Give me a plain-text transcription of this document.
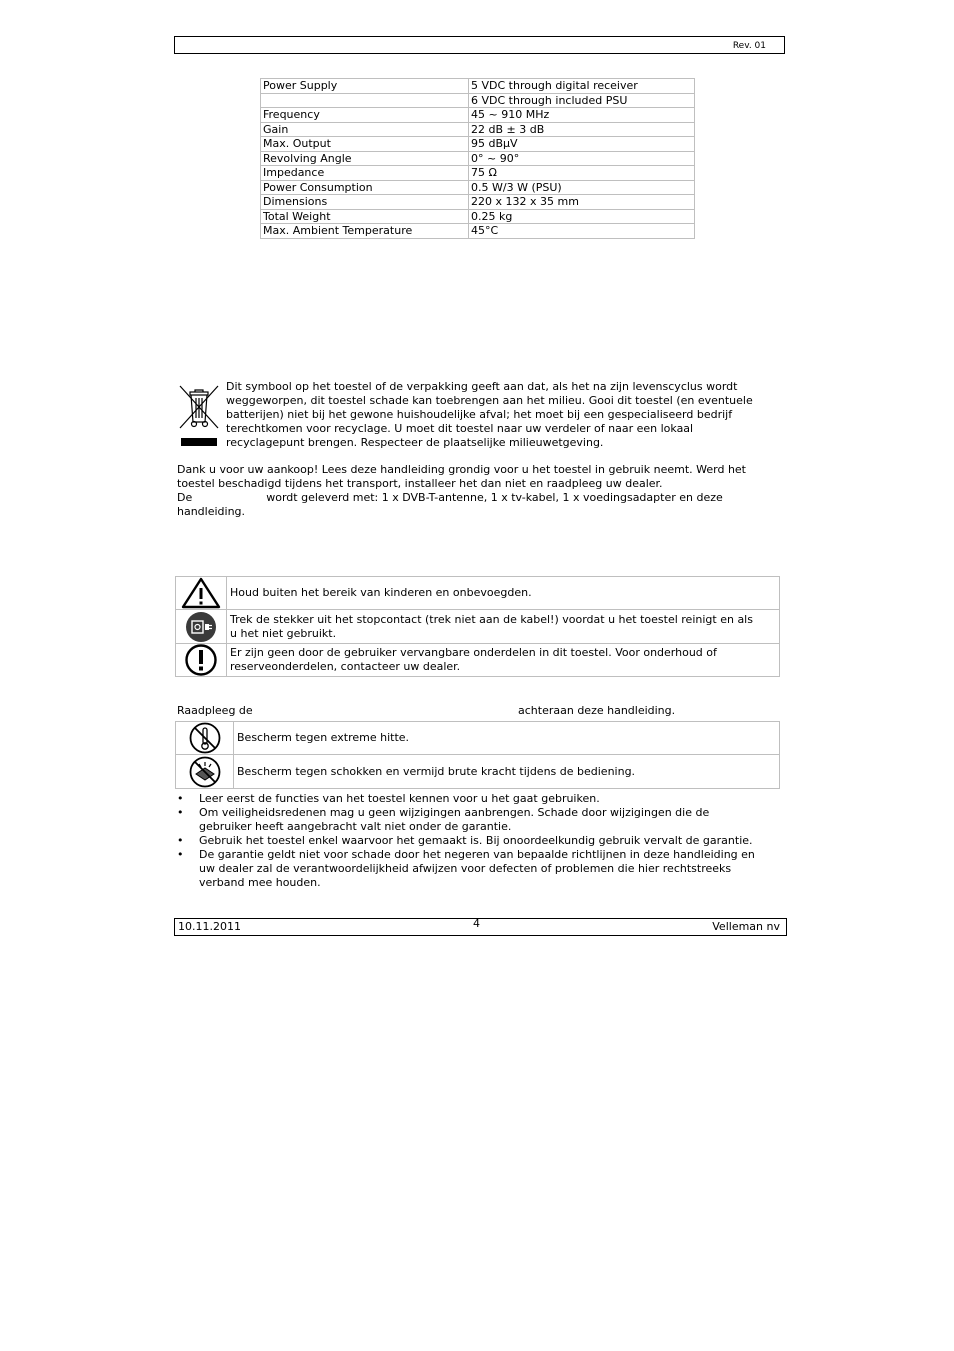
Rev. 01
Power Supply	5 VDC through digital receiver
	6 VDC through included PSU
Frequency	45 ~ 910 MHz
Gain	22 dB ± 3 dB
Max. Output	95 dBµV
Revolving Angle	0° ~ 90°
Impedance	75 Ω
Power Consumption	0.5 W/3 W (PSU)
Dimensions	220 x 132 x 35 mm
Total Weight	0.25 kg
Max. Ambient Temperature	45°C
Dit symbool op het toestel of de verpakking geeft aan dat, als het na zijn levenscyclus wordt
weggeworpen, dit toestel schade kan toebrengen aan het milieu. Gooi dit toestel (en eventuele
batterijen) niet bij het gewone huishoudelijke afval; het moet bij een gespecialiseerd bedrijf
terechtkomen voor recyclage. U moet dit toestel naar uw verdeler of naar een lokaal
recyclagepunt brengen. Respecteer de plaatselijke milieuwetgeving.
Dank u voor uw aankoop! Lees deze handleiding grondig voor u het toestel in gebruik neemt. Werd het
toestel beschadigd tijdens het transport, installeer het dan niet en raadpleeg uw dealer.
De	wordt geleverd met: 1 x DVB-T-antenne, 1 x tv-kabel, 1 x voedingsadapter en deze
handleiding.
	Houd buiten het bereik van kinderen en onbevoegden.

Trek de stekker uit het stopcontact (trek niet aan de kabel!) voordat u het toestel reinigt en als
u het niet gebruikt.

Er zijn geen door de gebruiker vervangbare onderdelen in dit toestel. Voor onderhoud of
reserveonderdelen, contacteer uw dealer.
Raadpleeg de	achteraan deze handleiding.
	Bescherm tegen extreme hitte.

	Bescherm tegen schokken en vermijd brute kracht tijdens de bediening.
• Leer eerst de functies van het toestel kennen voor u het gaat gebruiken.
• Om veiligheidsredenen mag u geen wijzigingen aanbrengen. Schade door wijzigingen die de
gebruiker heeft aangebracht valt niet onder de garantie.
• Gebruik het toestel enkel waarvoor het gemaakt is. Bij onoordeelkundig gebruik vervalt de garantie.
• De garantie geldt niet voor schade door het negeren van bepaalde richtlijnen in deze handleiding en
uw dealer zal de verantwoordelijkheid afwijzen voor defecten of problemen die hier rechtstreeks
verband mee houden.
10.11.2011	4	Velleman nv
